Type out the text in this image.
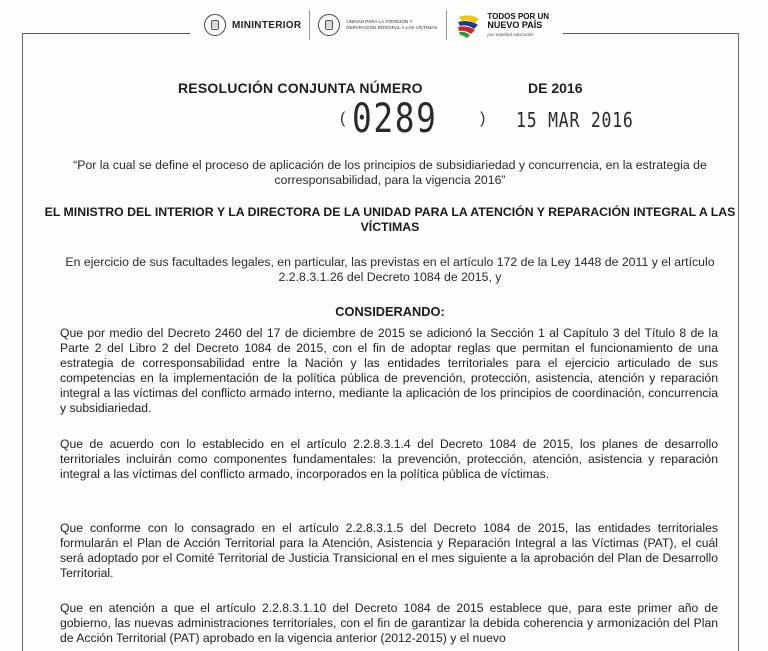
MININTERIOR	UNIDAD PARA LA ATENCIÓN Y REPARACIÓN INTEGRAL A LAS VÍCTIMAS
TODOS POR UN
NUEVO PAÍS
paz equidad educación
RESOLUCIÓN CONJUNTA NÚMERO	DE 2016
( 0289	) 15 MAR 2016
“Por la cual se define el proceso de aplicación de los principios de subsidiariedad y concurrencia, en la estrategia de corresponsabilidad, para la vigencia 2016”
EL MINISTRO DEL INTERIOR Y LA DIRECTORA DE LA UNIDAD PARA LA ATENCIÓN Y REPARACIÓN INTEGRAL A LAS VÍCTIMAS
En ejercicio de sus facultades legales, en particular, las previstas en el artículo 172 de la Ley 1448 de 2011 y el artículo 2.2.8.3.1.26 del Decreto 1084 de 2015, y
CONSIDERANDO:
Que por medio del Decreto 2460 del 17 de diciembre de 2015 se adicionó la Sección 1 al Capítulo 3 del Título 8 de la Parte 2 del Libro 2 del Decreto 1084 de 2015, con el fin de adoptar reglas que permitan el funcionamiento de una estrategia de corresponsabilidad entre la Nación y las entidades territoriales para el ejercicio articulado de sus competencias en la implementación de la política pública de prevención, protección, asistencia, atención y reparación integral a las víctimas del conflicto armado interno, mediante la aplicación de los principios de coordinación, concurrencia y subsidiariedad.
Que de acuerdo con lo establecido en el artículo 2.2.8.3.1.4 del Decreto 1084 de 2015, los planes de desarrollo territoriales incluirán como componentes fundamentales: la prevención, protección, atención, asistencia y reparación integral a las víctimas del conflicto armado, incorporados en la política pública de víctimas.
Que conforme con lo consagrado en el artículo 2.2.8.3.1.5 del Decreto 1084 de 2015, las entidades territoriales formularán el Plan de Acción Territorial para la Atención, Asistencia y Reparación Integral a las Víctimas (PAT), el cuál será adoptado por el Comité Territorial de Justicia Transicional en el mes siguiente a la aprobación del Plan de Desarrollo Territorial.
Que en atención a que el artículo 2.2.8.3.1.10 del Decreto 1084 de 2015 establece que, para este primer año de gobierno, las nuevas administraciones territoriales, con el fin de garantizar la debida coherencia y armonización del Plan de Acción Territorial (PAT) aprobado en la vigencia anterior (2012-2015) y el nuevo
